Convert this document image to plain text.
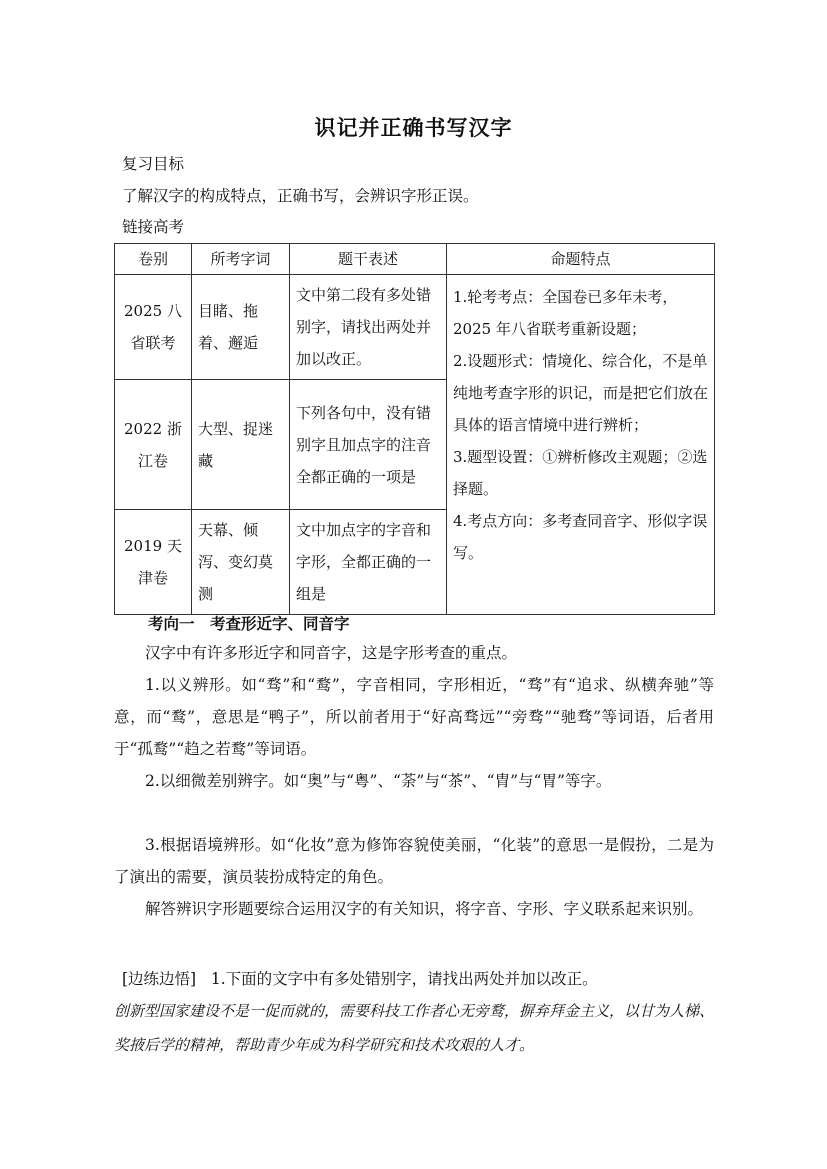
识记并正确书写汉字
复习目标
了解汉字的构成特点，正确书写，会辨识字形正误。
链接高考
卷别	所考字词	题干表述	命题特点
2025 八省联考	目睹、拖着、邂逅	文中第二段有多处错别字，请找出两处并加以改正。	1.轮考考点：全国卷已多年未考，2025 年八省联考重新设题；
2.设题形式：情境化、综合化，不是单纯地考查字形的识记，而是把它们放在具体的语言情境中进行辨析；
3.题型设置：①辨析修改主观题；②选择题。
4.考点方向：多考查同音字、形似字误写。

2022 浙江卷	大型、捉迷藏	下列各句中，没有错别字且加点字的注音全都正确的一项是	
2019 天津卷	天幕、倾泻、变幻莫测	文中加点字的字音和字形，全都正确的一组是	
考向一　考查形近字、同音字
汉字中有许多形近字和同音字，这是字形考查的重点。
1.以义辨形。如“骛”和“鹜”，字音相同，字形相近，“骛”有“追求、纵横奔驰”等意，而“鹜”，意思是“鸭子”，所以前者用于“好高骛远”“旁骛”“驰骛”等词语，后者用于“孤鹜”“趋之若鹜”等词语。
2.以细微差别辨字。如“奥”与“粤”、“荼”与“茶”、“胄”与“胃”等字。
3.根据语境辨形。如“化妆”意为修饰容貌使美丽，“化装”的意思一是假扮，二是为了演出的需要，演员装扮成特定的角色。
解答辨识字形题要综合运用汉字的有关知识，将字音、字形、字义联系起来识别。
[边练边悟] 1.下面的文字中有多处错别字，请找出两处并加以改正。
创新型国家建设不是一促而就的，需要科技工作者心无旁鹜，摒弃拜金主义，以甘为人梯、奖掖后学的精神，帮助青少年成为科学研究和技术攻艰的人才。
